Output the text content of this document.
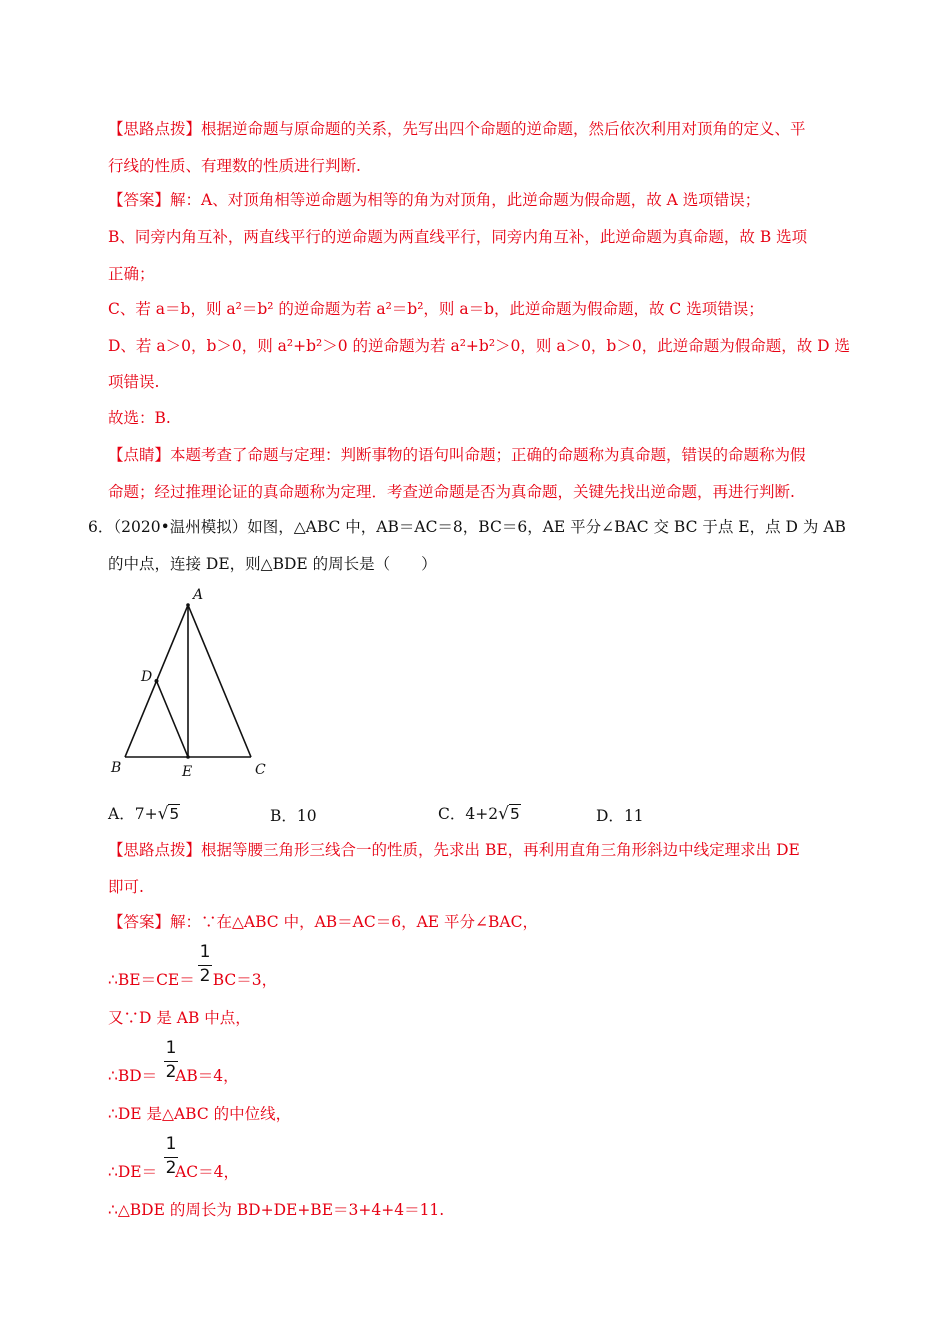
【思路点拨】根据逆命题与原命题的关系，先写出四个命题的逆命题，然后依次利用对顶角的定义、平
行线的性质、有理数的性质进行判断.
【答案】解：A、对顶角相等逆命题为相等的角为对顶角，此逆命题为假命题，故 A 选项错误；
B、同旁内角互补，两直线平行的逆命题为两直线平行，同旁内角互补，此逆命题为真命题，故 B 选项
正确；
C、若 a＝b，则 a²＝b² 的逆命题为若 a²＝b²，则 a＝b，此逆命题为假命题，故 C 选项错误；
D、若 a＞0，b＞0，则 a²+b²＞0 的逆命题为若 a²+b²＞0，则 a＞0，b＞0，此逆命题为假命题，故 D 选
项错误.
故选：B.
【点睛】本题考查了命题与定理：判断事物的语句叫命题；正确的命题称为真命题，错误的命题称为假
命题；经过推理论证的真命题称为定理．考查逆命题是否为真命题，关键先找出逆命题，再进行判断.
6．（2020•温州模拟）如图，△ABC 中，AB＝AC＝8，BC＝6，AE 平分∠BAC 交 BC 于点 E，点 D 为 AB
的中点，连接 DE，则△BDE 的周长是（　　）
A
D
B	E	C
A．7+√5	B．10	C．4+2√5	D．11
【思路点拨】根据等腰三角形三线合一的性质，先求出 BE，再利用直角三角形斜边中线定理求出 DE
即可.
【答案】解：∵在△ABC 中，AB＝AC＝6，AE 平分∠BAC，
∴BE＝CE＝ BC＝3，
1
2
又∵D 是 AB 中点，
∴BD＝ AB＝4，
1
2
∴DE 是△ABC 的中位线，
∴DE＝ AC＝4，
1
2
∴△BDE 的周长为 BD+DE+BE＝3+4+4＝11.
